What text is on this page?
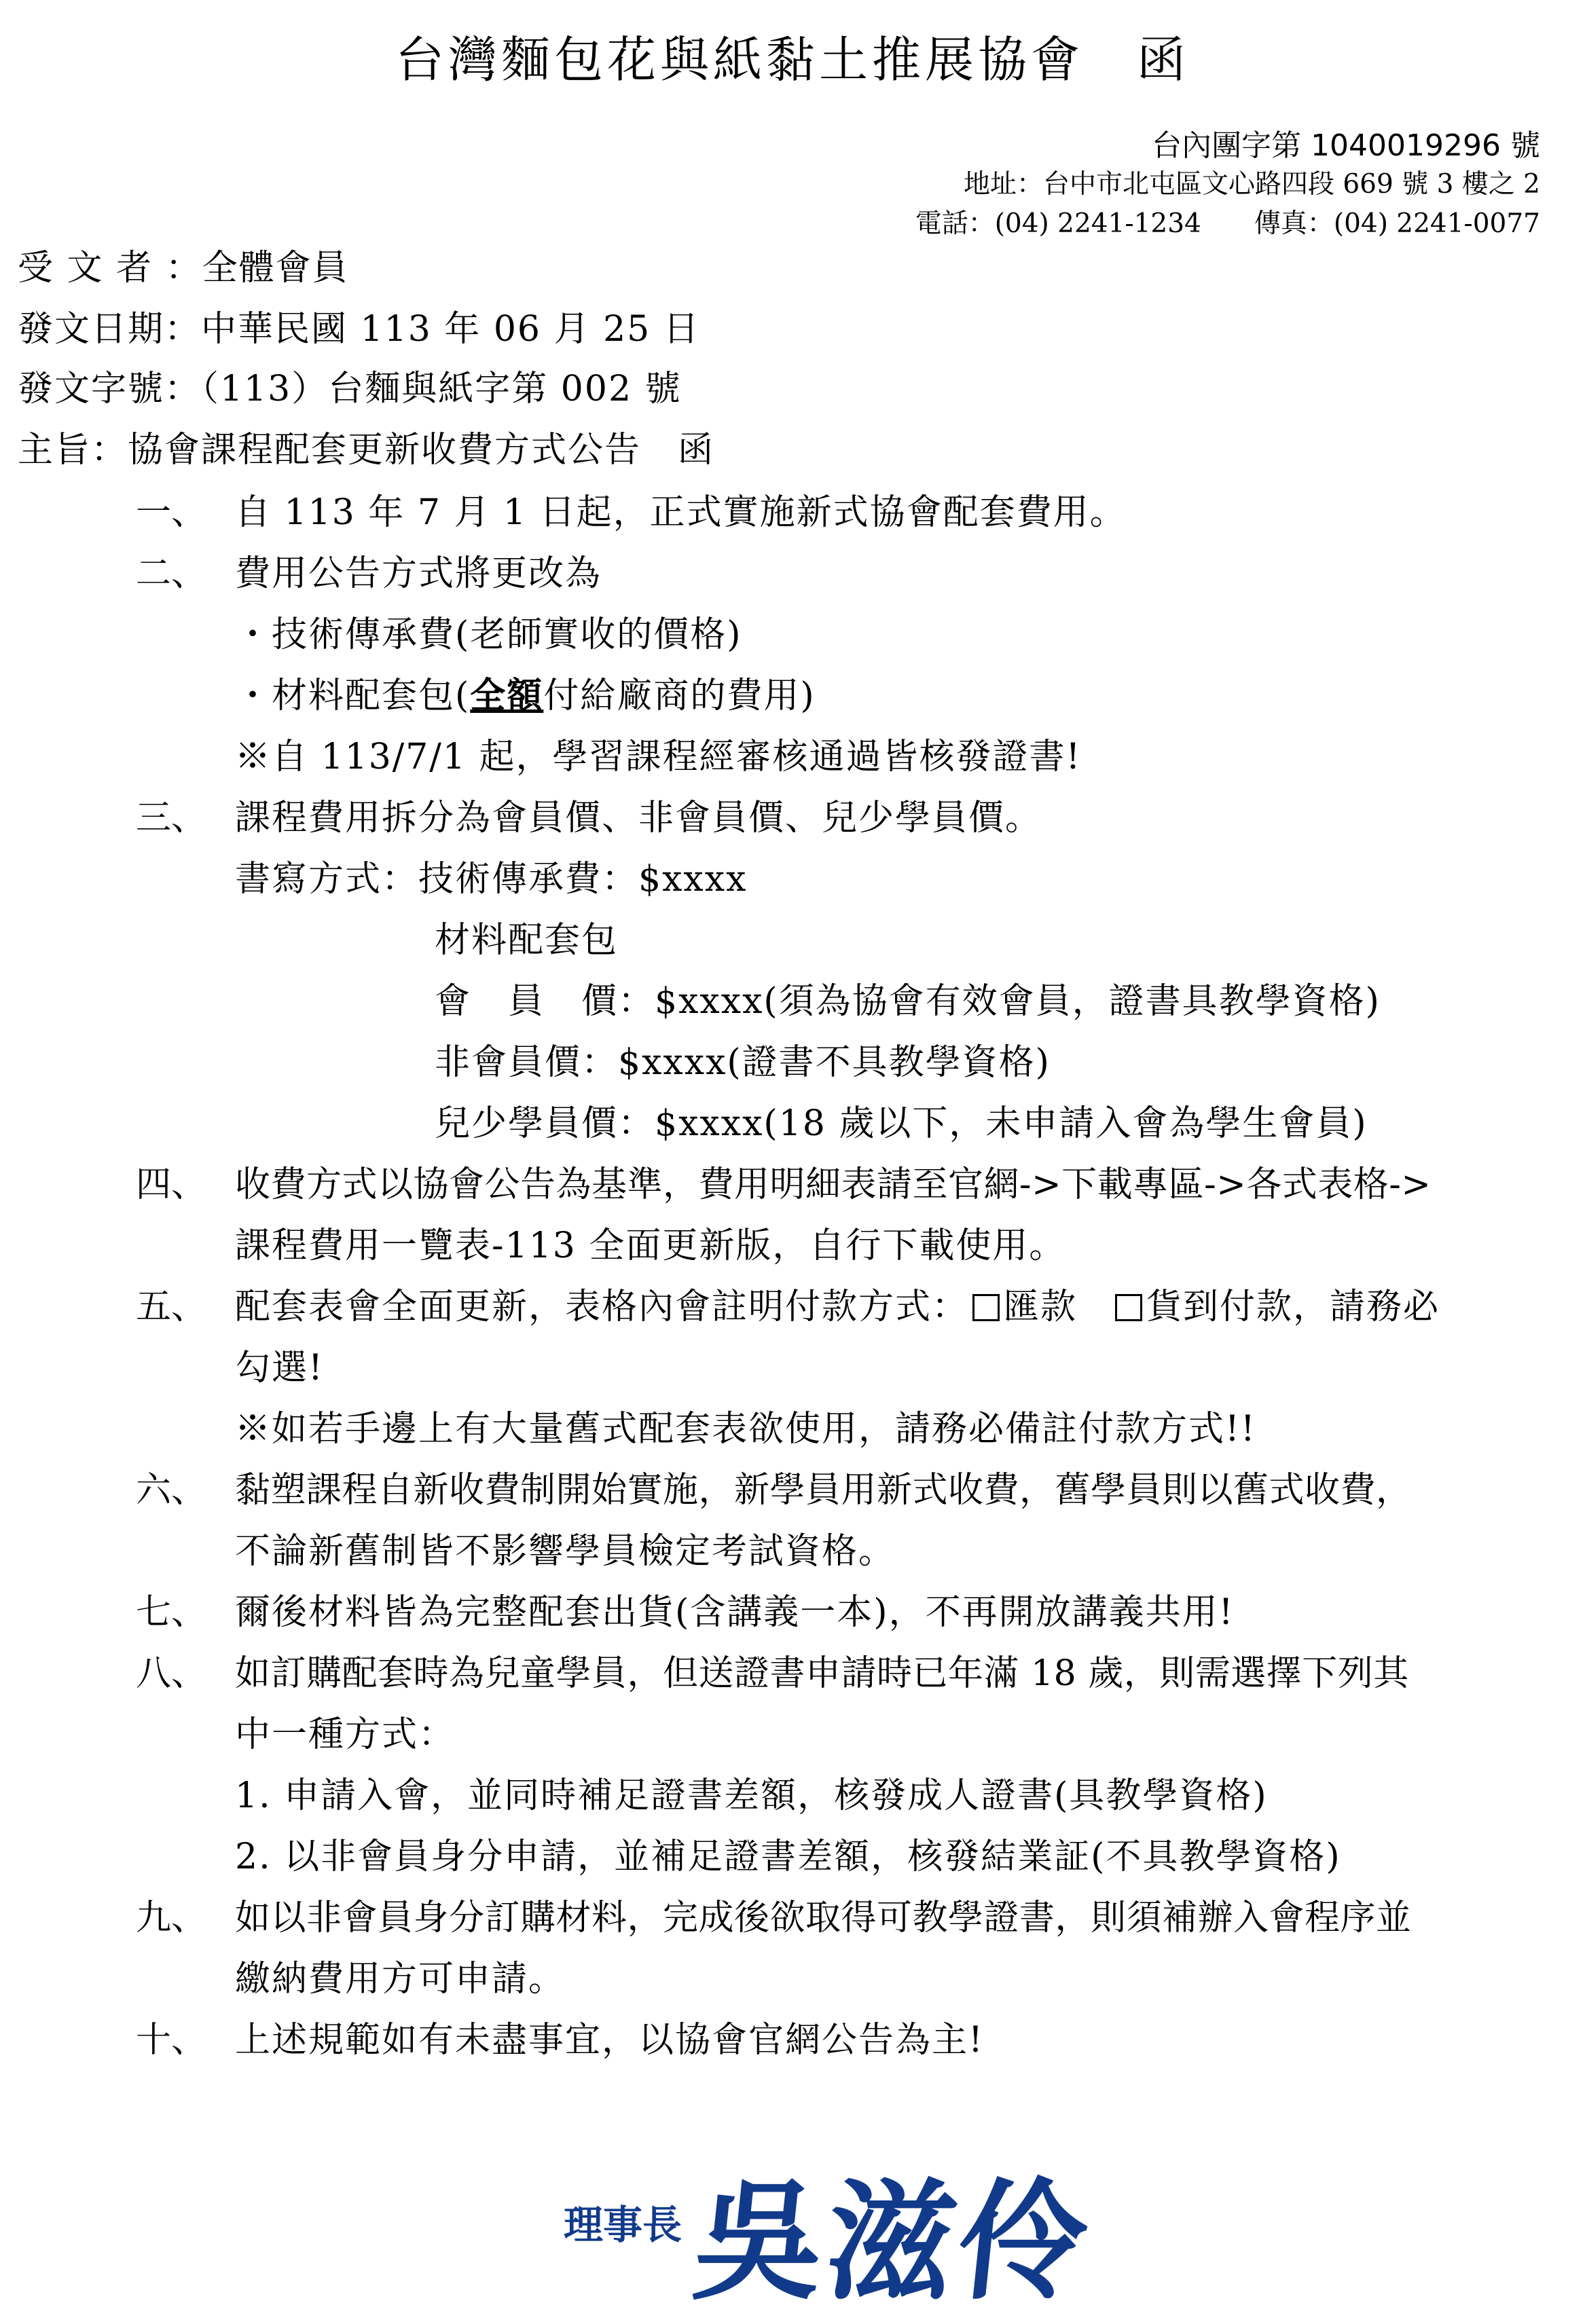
台灣麵包花與紙黏土推展協會　函
台內團字第 1040019296 號
地址：台中市北屯區文心路四段 669 號 3 樓之 2
電話：(04) 2241-1234　　傳真：(04) 2241-0077
受 文 者 ：全體會員
發文日期：中華民國 113 年 06 月 25 日
發文字號：（113）台麵與紙字第 002 號
主旨：協會課程配套更新收費方式公告　函
一、 自 113 年 7 月 1 日起，正式實施新式協會配套費用。
二、 費用公告方式將更改為
・技術傳承費(老師實收的價格)
・材料配套包(全額付給廠商的費用)
※自 113/7/1 起，學習課程經審核通過皆核發證書!
三、 課程費用拆分為會員價、非會員價、兒少學員價。
書寫方式：技術傳承費：$xxxx
材料配套包
會　員　價：$xxxx(須為協會有效會員，證書具教學資格)
非會員價：$xxxx(證書不具教學資格)
兒少學員價：$xxxx(18 歲以下，未申請入會為學生會員)
四、 收費方式以協會公告為基準，費用明細表請至官網->下載專區->各式表格->
課程費用一覽表-113 全面更新版，自行下載使用。
五、 配套表會全面更新，表格內會註明付款方式： 匯款 貨到付款，請務必
勾選!
※如若手邊上有大量舊式配套表欲使用，請務必備註付款方式!!
六、 黏塑課程自新收費制開始實施，新學員用新式收費，舊學員則以舊式收費，
不論新舊制皆不影響學員檢定考試資格。
七、 爾後材料皆為完整配套出貨(含講義一本)，不再開放講義共用!
八、 如訂購配套時為兒童學員，但送證書申請時已年滿 18 歲，則需選擇下列其
中一種方式：
1. 申請入會，並同時補足證書差額，核發成人證書(具教學資格)
2. 以非會員身分申請，並補足證書差額，核發結業証(不具教學資格)
九、 如以非會員身分訂購材料，完成後欲取得可教學證書，則須補辦入會程序並
繳納費用方可申請。
十、 上述規範如有未盡事宜，以協會官網公告為主!
理事長 吳滋伶
